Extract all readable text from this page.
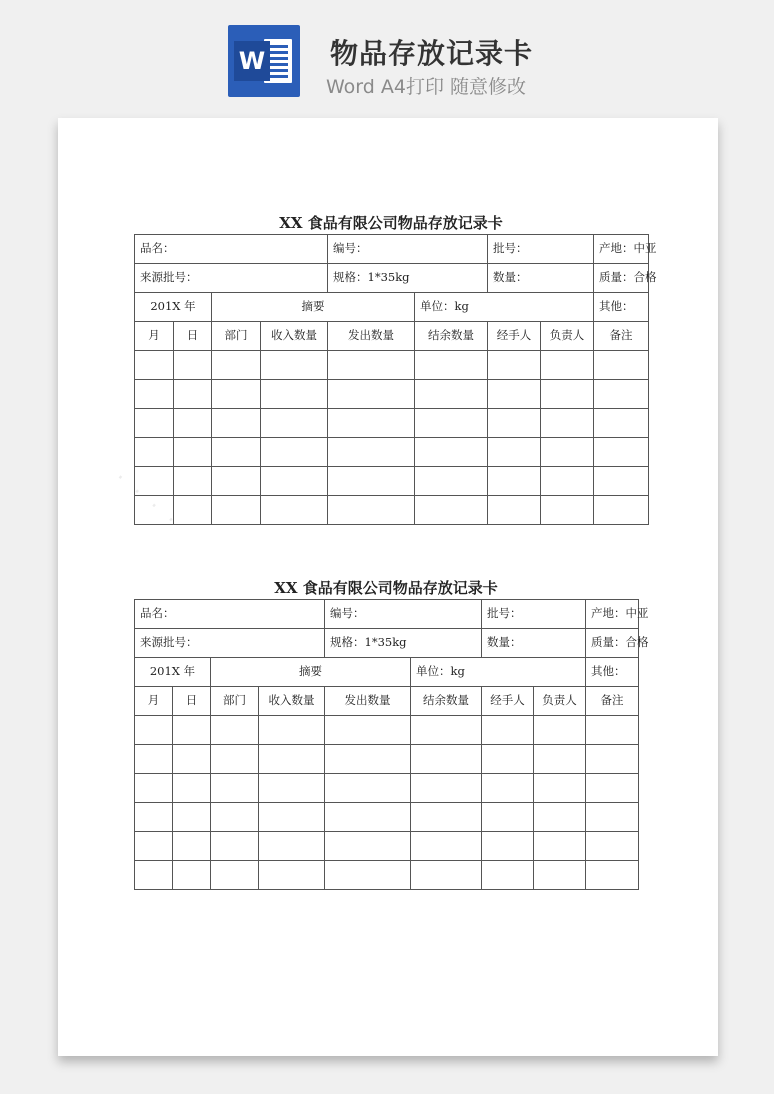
W 物品存放记录卡
Word A4打印 随意修改
· · · ·
XX 食品有限公司物品存放记录卡
品名：				编号：		批号：		产地：中亚
来源批号：				规格：1*35kg		数量：		质量：合格
201X 年		摘要			单位：kg			其他：
月	日	部门	收入数量	发出数量	结余数量	经手人	负责人	备注

XX 食品有限公司物品存放记录卡
品名：				编号：		批号：		产地：中亚
来源批号：				规格：1*35kg		数量：		质量：合格
201X 年		摘要			单位：kg			其他：
月	日	部门	收入数量	发出数量	结余数量	经手人	负责人	备注
